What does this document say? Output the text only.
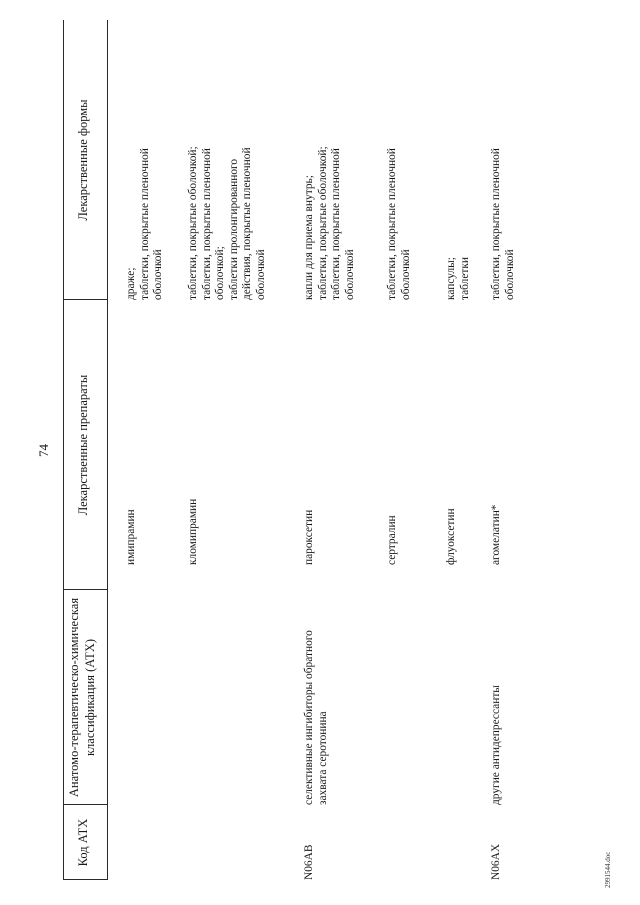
74
2991544.doc
Код АТХ
Анатомо-терапевтическо-химическая
классификация (АТХ)
Лекарственные препараты
Лекарственные формы
имипрамин
драже;
таблетки, покрытые пленочной
оболочкой
кломипрамин
таблетки, покрытые оболочкой;
таблетки, покрытые пленочной
оболочкой;
таблетки пролонгированного
действия, покрытые пленочной
оболочкой
N06AB
селективные ингибиторы обратного
захвата серотонина
пароксетин
капли для приема внутрь;
таблетки, покрытые оболочкой;
таблетки, покрытые пленочной
оболочкой
сертралин
таблетки, покрытые пленочной
оболочкой
флуоксетин
капсулы;
таблетки
N06AX
другие антидепрессанты
агомелатин*
таблетки, покрытые пленочной
оболочкой
